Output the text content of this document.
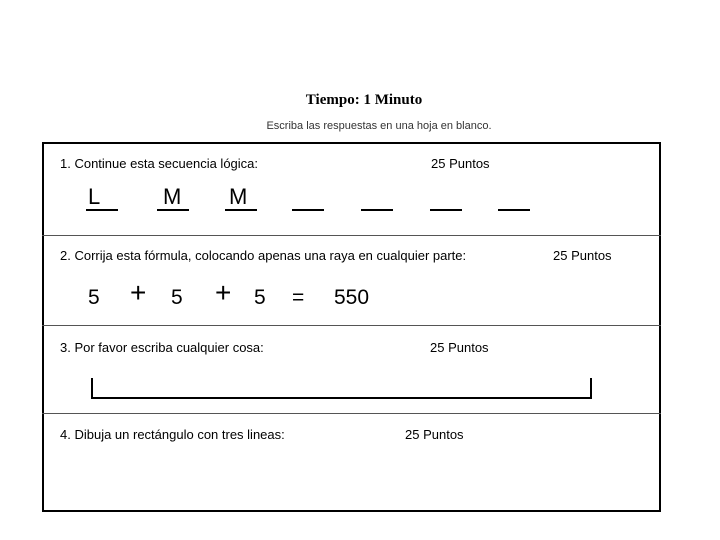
Tiempo: 1 Minuto
Escriba las respuestas en una hoja en blanco.
1. Continue esta secuencia lógica:	25 Puntos
L	M M
2. Corrija esta fórmula, colocando apenas una raya en cualquier parte:	25 Puntos
5 + 5 + 5 = 550
3. Por favor escriba cualquier cosa:	25 Puntos
4. Dibuja un rectángulo con tres lineas:	25 Puntos
